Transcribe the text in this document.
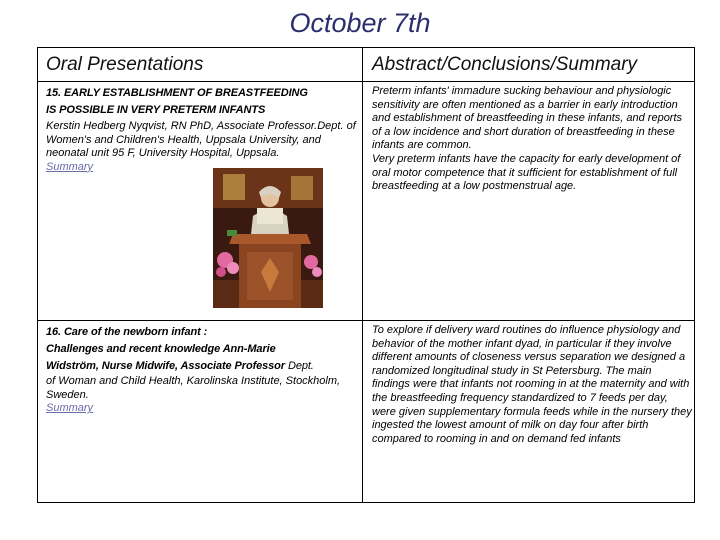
October 7th
Oral Presentations	Abstract/Conclusions/Summary
15. EARLY ESTABLISHMENT OF BREASTFEEDING
IS POSSIBLE IN VERY PRETERM INFANTS
Kerstin Hedberg Nyqvist, RN PhD, Associate Professor.Dept. of Women's and Children's Health, Uppsala University, and neonatal unit 95 F, University Hospital, Uppsala.
Summary
Preterm infants' immadure sucking behaviour and physiologic sensitivity are often mentioned as a barrier in early introduction and establishment of breastfeeding in these infants, and reports of a low incidence and short duration of breastfeeding in these infants are common.
Very preterm infants have the capacity for early development of oral motor competence that it sufficient for establishment of full breastfeeding at a low postmenstrual age.
16. Care of the newborn infant :
Challenges and recent knowledge Ann-Marie
Widström, Nurse Midwife, Associate Professor Dept.
of Woman and Child Health, Karolinska Institute, Stockholm, Sweden.
Summary
To explore if delivery ward routines do influence physiology and behavior of the mother infant dyad, in particular if they involve different amounts of closeness versus separation we designed a randomized longitudinal study in St Petersburg. The main findings were that infants not rooming in at the maternity and with the breastfeeding frequency standardized to 7 feeds per day, were given supplementary formula feeds while in the nursery they ingested the lowest amount of milk on day four after birth compared to rooming in and on demand fed infants
